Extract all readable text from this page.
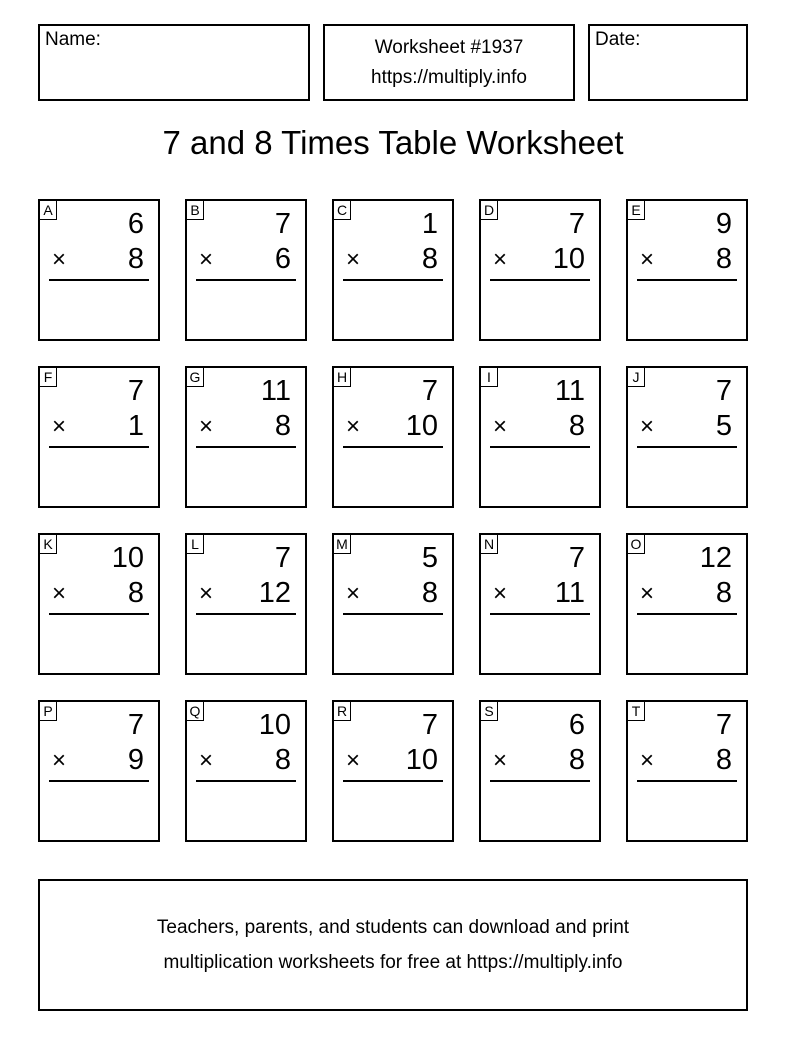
Name:	Worksheet #1937
https://multiply.info
Date:
7 and 8 Times Table Worksheet
A	6
× 8
B	7
× 6
C	1
× 8
D	7
× 10
E	9
× 8
F	7
× 1
G 11
× 8
H	7
× 10
I 11
× 8
J	7
× 5
K 10
× 8
L	7
× 12
M	5
× 8
N	7
× 11
O 12
× 8
P	7
× 9
Q 10
× 8
R	7
× 10
S	6
× 8
T	7
× 8
Teachers, parents, and students can download and print
multiplication worksheets for free at https://multiply.info
